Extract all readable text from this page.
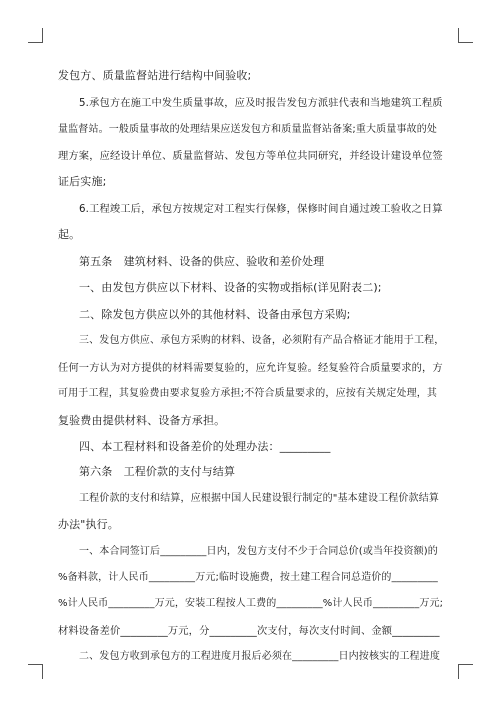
发包方、质量监督站进行结构中间验收;
5.承包方在施工中发生质量事故，应及时报告发包方派驻代表和当地建筑工程质
量监督站。一般质量事故的处理结果应送发包方和质量监督站备案;重大质量事故的处
理方案，应经设计单位、质量监督站、发包方等单位共同研究，并经设计建设单位签
证后实施;
6.工程竣工后，承包方按规定对工程实行保修，保修时间自通过竣工验收之日算
起。
第五条　建筑材料、设备的供应、验收和差价处理
一、由发包方供应以下材料、设备的实物或指标(详见附表二);
二、除发包方供应以外的其他材料、设备由承包方采购;
三、发包方供应、承包方采购的材料、设备，必须附有产品合格证才能用于工程，
任何一方认为对方提供的材料需要复验的，应允许复验。经复验符合质量要求的，方
可用于工程，其复验费由要求复验方承担;不符合质量要求的，应按有关规定处理，其
复验费由提供材料、设备方承担。
四、本工程材料和设备差价的处理办法：_________
第六条　工程价款的支付与结算
工程价款的支付和结算，应根据中国人民建设银行制定的"基本建设工程价款结算
办法"执行。
一、本合同签订后_________日内，发包方支付不少于合同总价(或当年投资额)的
%备料款，计人民币_________万元;临时设施费，按土建工程合同总造价的_________
%计人民币_________万元，安装工程按人工费的_________%计人民币_________万元;
材料设备差价_________万元，分_________次支付，每次支付时间、金额_________
二、发包方收到承包方的工程进度月报后必须在_________日内按核实的工程进度
